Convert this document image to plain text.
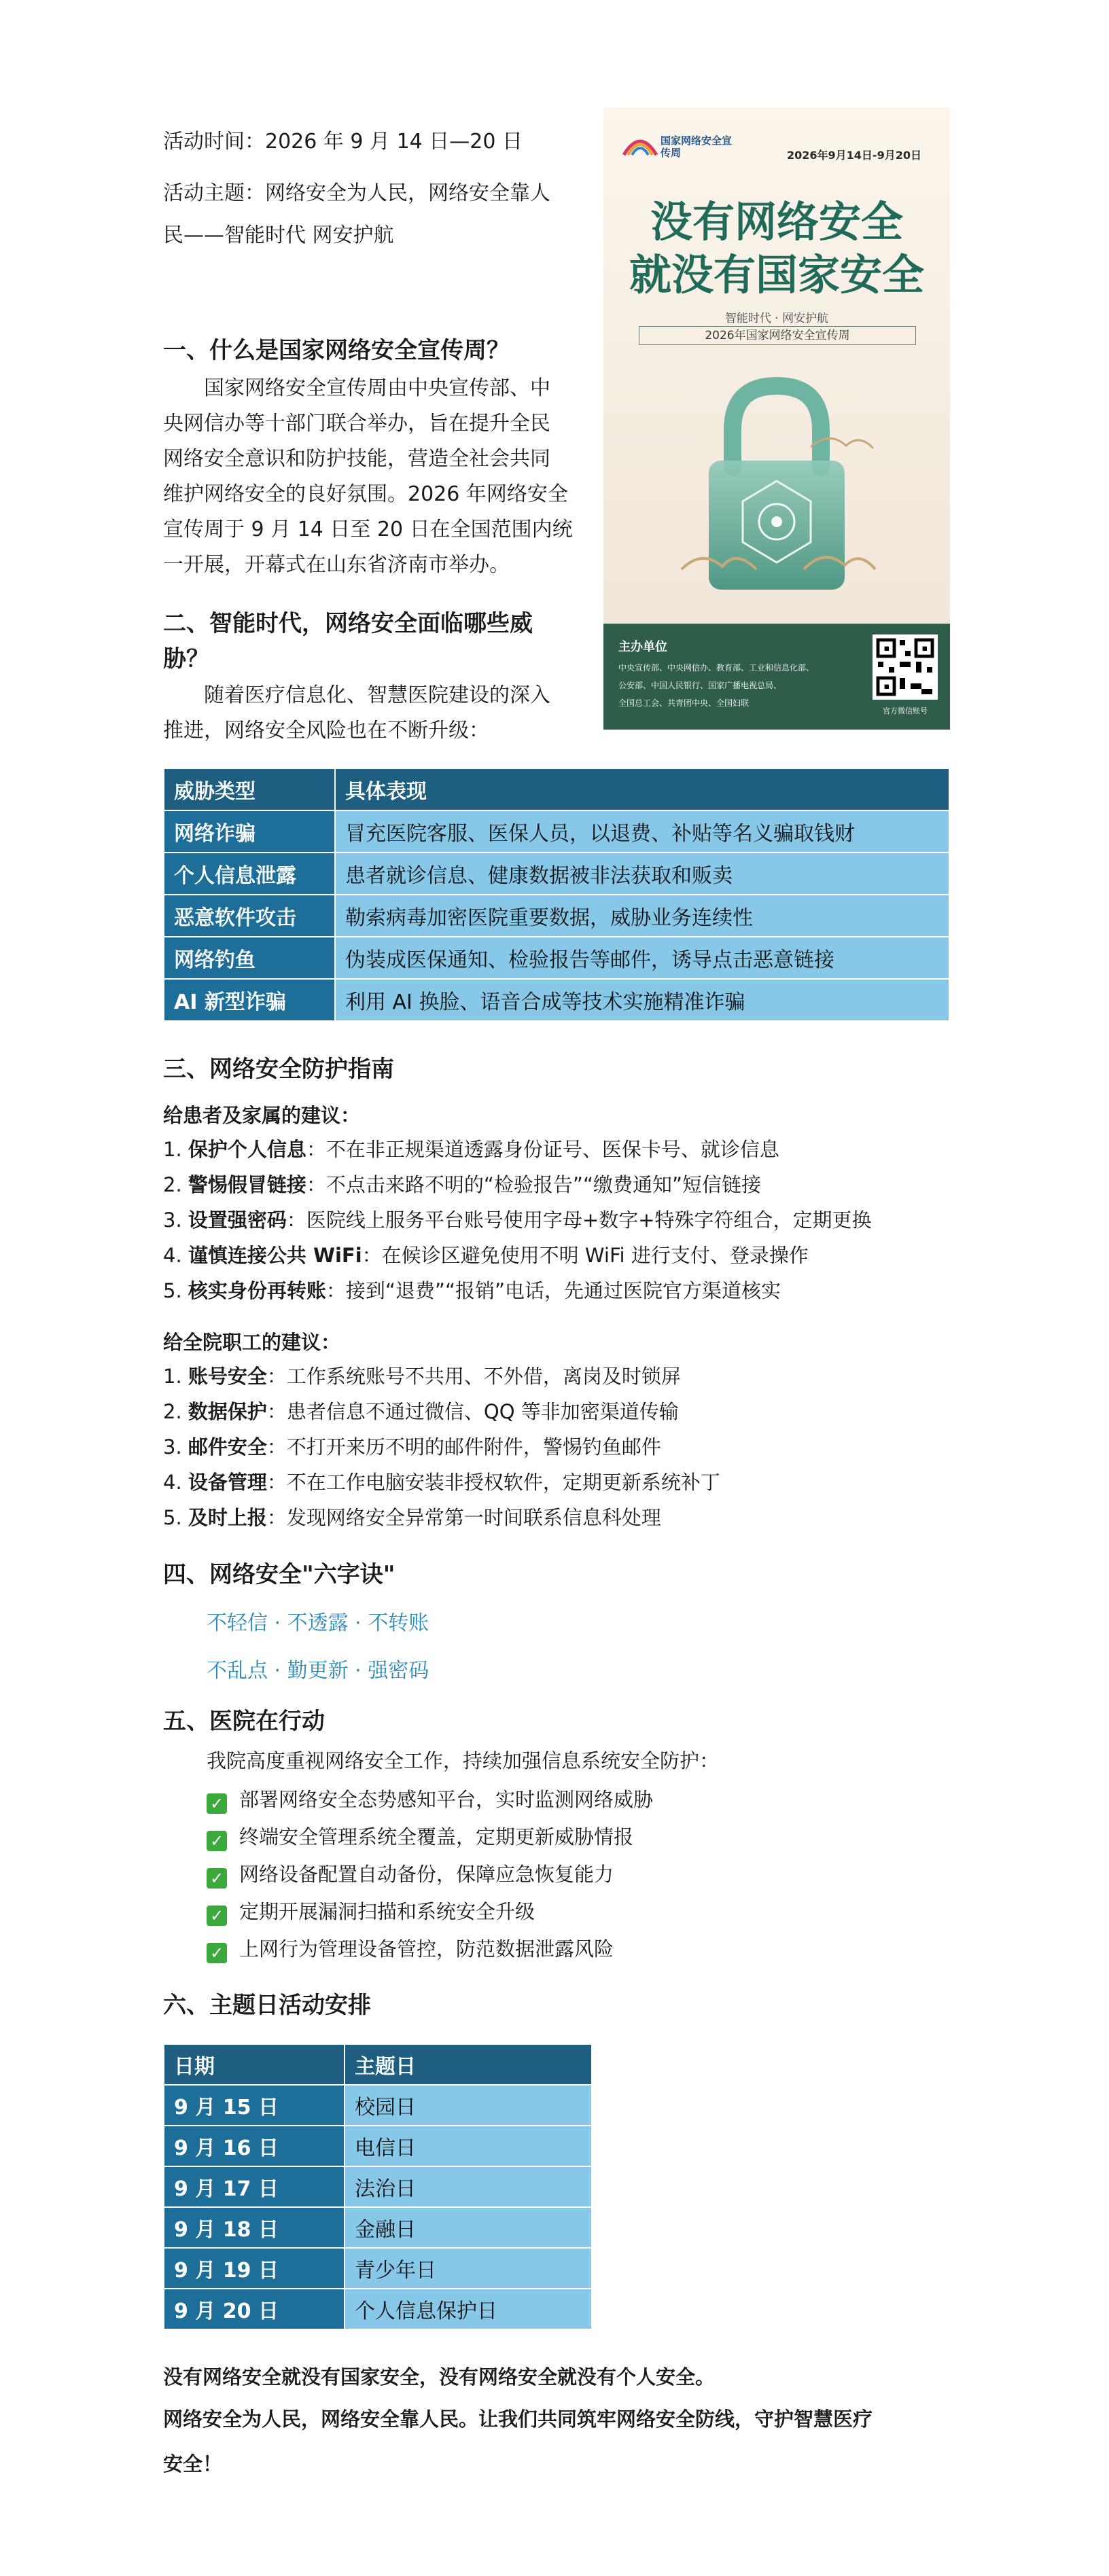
活动时间：2026 年 9 月 14 日—20 日

活动主题：网络安全为人民，网络安全靠人

民——智能时代 网安护航

国家网络安全宣传周	2026年9月14日-9月20日
没有网络安全
就没有国家安全
智能时代 · 网安护航
2026年国家网络安全宣传周
主办单位
中央宣传部、中央网信办、教育部、工业和信息化部、
公安部、中国人民银行、国家广播电视总局、
全国总工会、共青团中央、全国妇联
官方微信账号
一、什么是国家网络安全宣传周？

　　国家网络安全宣传周由中央宣传部、中

央网信办等十部门联合举办，旨在提升全民

网络安全意识和防护技能，营造全社会共同

维护网络安全的良好氛围。2026 年网络安全

宣传周于 9 月 14 日至 20 日在全国范围内统

一开展，开幕式在山东省济南市举办。

二、智能时代，网络安全面临哪些威
胁？

　　随着医疗信息化、智慧医院建设的深入

推进，网络安全风险也在不断升级：

威胁类型	具体表现
网络诈骗	冒充医院客服、医保人员，以退费、补贴等名义骗取钱财
个人信息泄露	患者就诊信息、健康数据被非法获取和贩卖
恶意软件攻击	勒索病毒加密医院重要数据，威胁业务连续性
网络钓鱼	伪装成医保通知、检验报告等邮件，诱导点击恶意链接
AI 新型诈骗	利用 AI 换脸、语音合成等技术实施精准诈骗
三、网络安全防护指南

给患者及家属的建议：

1. 保护个人信息：不在非正规渠道透露身份证号、医保卡号、就诊信息

2. 警惕假冒链接：不点击来路不明的“检验报告”“缴费通知”短信链接

3. 设置强密码：医院线上服务平台账号使用字母+数字+特殊字符组合，定期更换

4. 谨慎连接公共 WiFi：在候诊区避免使用不明 WiFi 进行支付、登录操作

5. 核实身份再转账：接到“退费”“报销”电话，先通过医院官方渠道核实

给全院职工的建议：

1. 账号安全：工作系统账号不共用、不外借，离岗及时锁屏

2. 数据保护：患者信息不通过微信、QQ 等非加密渠道传输

3. 邮件安全：不打开来历不明的邮件附件，警惕钓鱼邮件

4. 设备管理：不在工作电脑安装非授权软件，定期更新系统补丁

5. 及时上报：发现网络安全异常第一时间联系信息科处理

四、网络安全"六字诀"

不轻信 · 不透露 · 不转账

不乱点 · 勤更新 · 强密码

五、医院在行动

我院高度重视网络安全工作，持续加强信息系统安全防护：

✓ 部署网络安全态势感知平台，实时监测网络威胁

✓ 终端安全管理系统全覆盖，定期更新威胁情报

✓ 网络设备配置自动备份，保障应急恢复能力

✓ 定期开展漏洞扫描和系统安全升级

✓ 上网行为管理设备管控，防范数据泄露风险

六、主题日活动安排
日期	主题日
9 月 15 日	校园日
9 月 16 日	电信日
9 月 17 日	法治日
9 月 18 日	金融日
9 月 19 日	青少年日
9 月 20 日	个人信息保护日

没有网络安全就没有国家安全，没有网络安全就没有个人安全。

网络安全为人民，网络安全靠人民。让我们共同筑牢网络安全防线，守护智慧医疗

安全！
